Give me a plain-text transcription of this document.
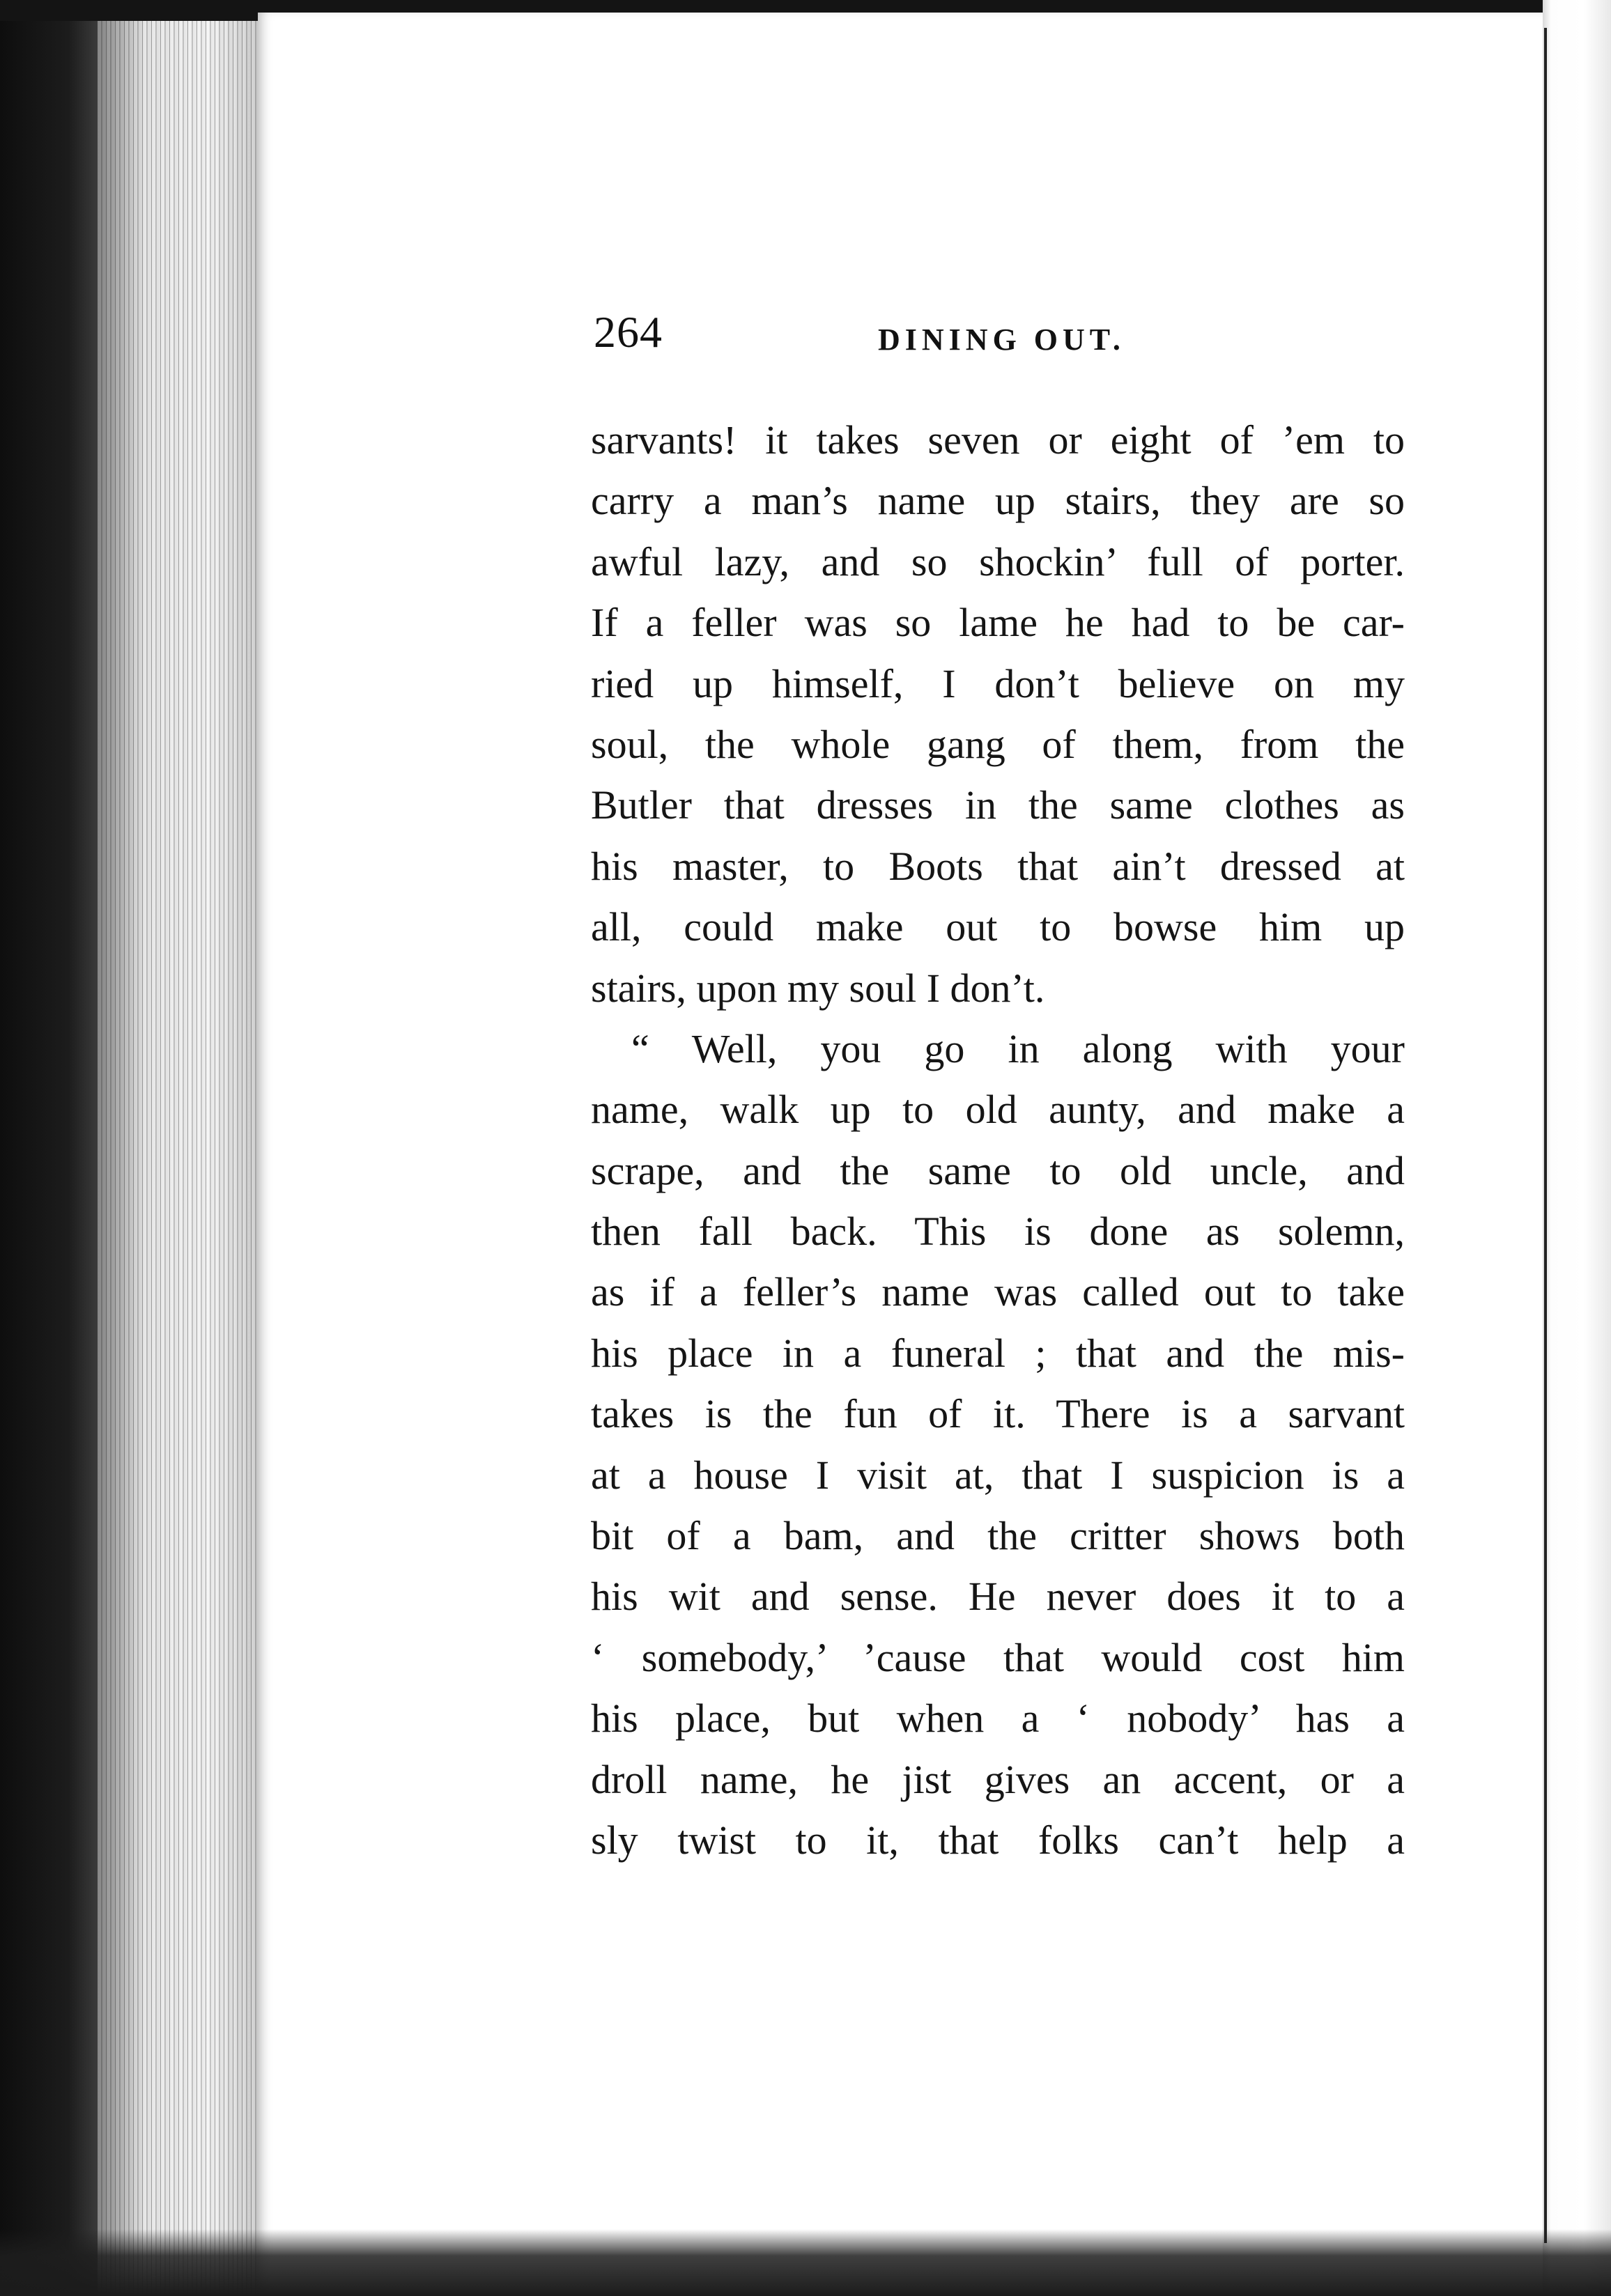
264	DINING OUT.
sarvants! it takes seven or eight of ’em to
carry a man’s name up stairs, they are so
awful lazy, and so shockin’ full of porter.
If a feller was so lame he had to be car-
ried up himself, I don’t believe on my
soul, the whole gang of them, from the
Butler that dresses in the same clothes as
his master, to Boots that ain’t dressed at
all, could make out to bowse him up
stairs, upon my soul I don’t.
“ Well, you go in along with your
name, walk up to old aunty, and make a
scrape, and the same to old uncle, and
then fall back. This is done as solemn,
as if a feller’s name was called out to take
his place in a funeral ; that and the mis-
takes is the fun of it. There is a sarvant
at a house I visit at, that I suspicion is a
bit of a bam, and the critter shows both
his wit and sense. He never does it to a
‘ somebody,’ ’cause that would cost him
his place, but when a ‘ nobody’ has a
droll name, he jist gives an accent, or a
sly twist to it, that folks can’t help a
